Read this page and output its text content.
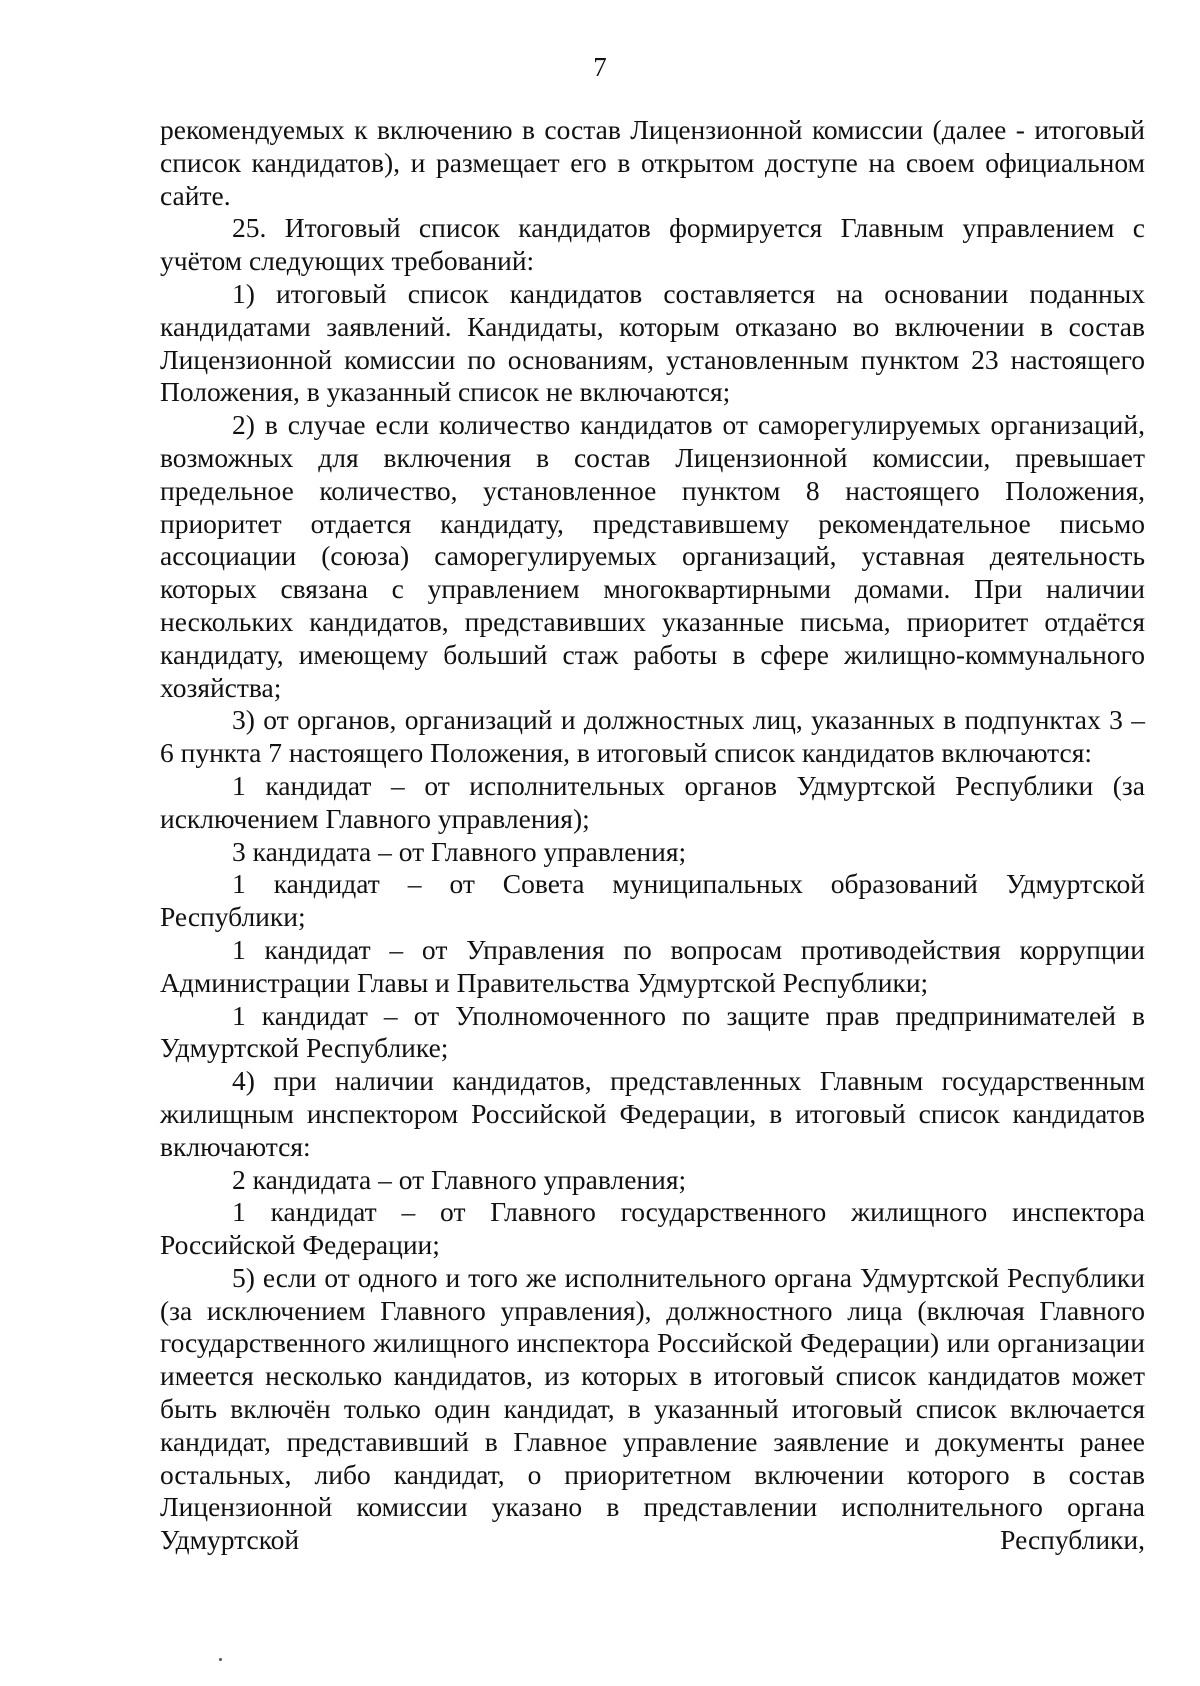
7

рекомендуемых к включению в состав Лицензионной комиссии (далее - итоговый список кандидатов), и размещает его в открытом доступе на своем официальном сайте.

25. Итоговый список кандидатов формируется Главным управлением с учётом следующих требований:

1) итоговый список кандидатов составляется на основании поданных кандидатами заявлений. Кандидаты, которым отказано во включении в состав Лицензионной комиссии по основаниям, установленным пунктом 23 настоящего Положения, в указанный список не включаются;

2) в случае если количество кандидатов от саморегулируемых организаций, возможных для включения в состав Лицензионной комиссии, превышает предельное количество, установленное пунктом 8 настоящего Положения, приоритет отдается кандидату, представившему рекомендательное письмо ассоциации (союза) саморегулируемых организаций, уставная деятельность которых связана с управлением многоквартирными домами. При наличии нескольких кандидатов, представивших указанные письма, приоритет отдаётся кандидату, имеющему больший стаж работы в сфере жилищно-коммунального хозяйства;

3) от органов, организаций и должностных лиц, указанных в подпунктах 3 – 6 пункта 7 настоящего Положения, в итоговый список кандидатов включаются:

1 кандидат – от исполнительных органов Удмуртской Республики (за исключением Главного управления);

3 кандидата – от Главного управления;

1 кандидат – от Совета муниципальных образований Удмуртской Республики;

1 кандидат – от Управления по вопросам противодействия коррупции Администрации Главы и Правительства Удмуртской Республики;

1 кандидат – от Уполномоченного по защите прав предпринимателей в Удмуртской Республике;

4) при наличии кандидатов, представленных Главным государственным жилищным инспектором Российской Федерации, в итоговый список кандидатов включаются:

2 кандидата – от Главного управления;

1 кандидат – от Главного государственного жилищного инспектора Российской Федерации;

5) если от одного и того же исполнительного органа Удмуртской Республики (за исключением Главного управления), должностного лица (включая Главного государственного жилищного инспектора Российской Федерации) или организации имеется несколько кандидатов, из которых в итоговый список кандидатов может быть включён только один кандидат, в указанный итоговый список включается кандидат, представивший в Главное управление заявление и документы ранее остальных, либо кандидат, о приоритетном включении которого в состав Лицензионной комиссии указано в представлении исполнительного органа Удмуртской Республики,
